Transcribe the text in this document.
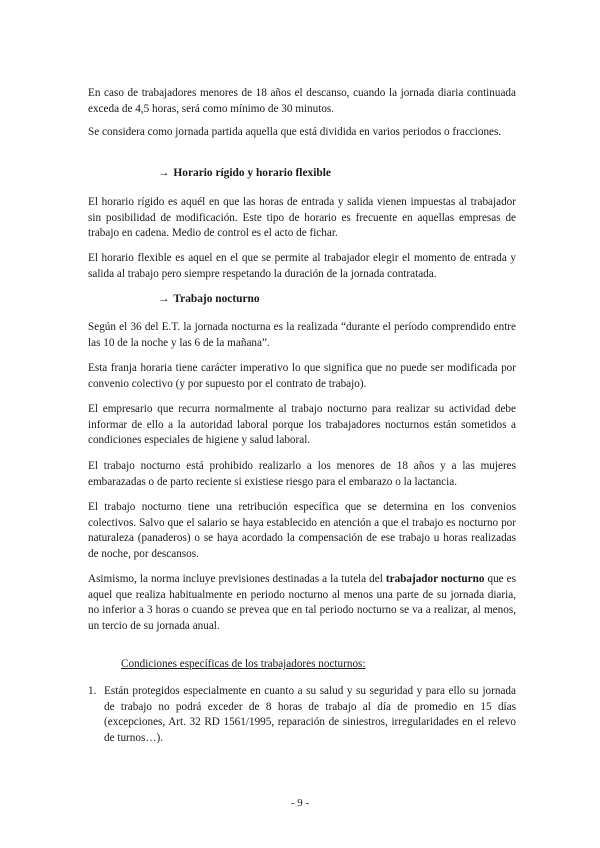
En caso de trabajadores menores de 18 años el descanso, cuando la jornada diaria continuada exceda de 4,5 horas, será como mínimo de 30 minutos.

Se considera como jornada partida aquella que está dividida en varios periodos o fracciones.

→ Horario rígido y horario flexible

El horario rígido es aquél en que las horas de entrada y salida vienen impuestas al trabajador sin posibilidad de modificación. Este tipo de horario es frecuente en aquellas empresas de trabajo en cadena. Medio de control es el acto de fichar.

El horario flexible es aquel en el que se permite al trabajador elegir el momento de entrada y salida al trabajo pero siempre respetando la duración de la jornada contratada.

→ Trabajo nocturno

Según el 36 del E.T. la jornada nocturna es la realizada “durante el período comprendido entre las 10 de la noche y las 6 de la mañana”.

Esta franja horaria tiene carácter imperativo lo que significa que no puede ser modificada por convenio colectivo (y por supuesto por el contrato de trabajo).

El empresario que recurra normalmente al trabajo nocturno para realizar su actividad debe informar de ello a la autoridad laboral porque los trabajadores nocturnos están sometidos a condiciones especiales de higiene y salud laboral.

El trabajo nocturno está prohibido realizarlo a los menores de 18 años y a las mujeres embarazadas o de parto reciente si existiese riesgo para el embarazo o la lactancia.

El trabajo nocturno tiene una retribución específica que se determina en los convenios colectivos. Salvo que el salario se haya establecido en atención a que el trabajo es nocturno por naturaleza (panaderos) o se haya acordado la compensación de ese trabajo u horas realizadas de noche, por descansos.

Asimismo, la norma incluye previsiones destinadas a la tutela del trabajador nocturno que es aquel que realiza habitualmente en periodo nocturno al menos una parte de su jornada diaria, no inferior a 3 horas o cuando se prevea que en tal periodo nocturno se va a realizar, al menos, un tercio de su jornada anual.

Condiciones específicas de los trabajadores nocturnos:
1. Están protegidos especialmente en cuanto a su salud y su seguridad y para ello su jornada de trabajo no podrá exceder de 8 horas de trabajo al día de promedio en 15 días (excepciones, Art. 32 RD 1561/1995, reparación de siniestros, irregularidades en el relevo de turnos…).

- 9 -
